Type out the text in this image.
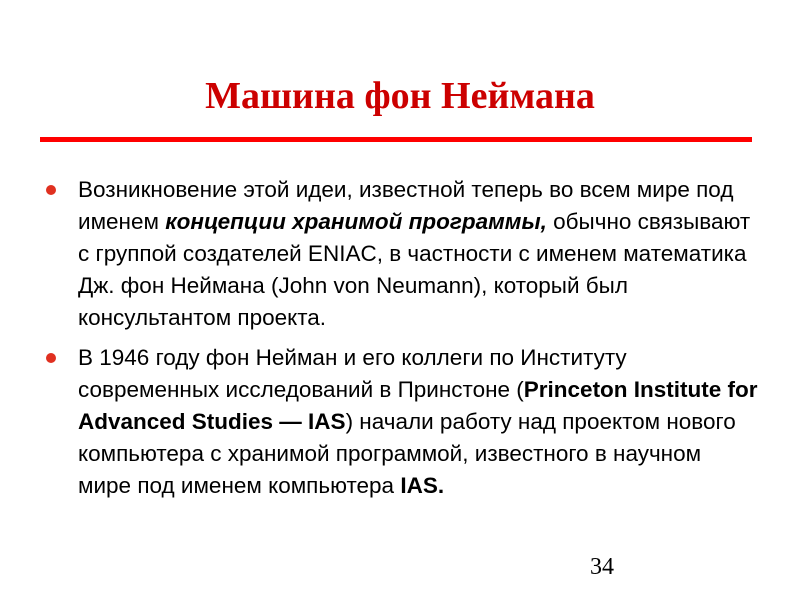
Машина фон Неймана
Возникновение этой идеи, известной теперь во всем мире под именем концепции хранимой программы, обычно связывают с группой создателей ENIAC, в частности с именем математика Дж. фон Неймана (John von Neumann), который был консультантом проекта.
В 1946 году фон Нейман и его коллеги по Институту современных исследований в Принстоне (Princeton Institute for Advanced Studies — IAS) начали работу над проектом нового компьютера с хранимой программой, известного в научном мире под именем компьютера IAS.
34
